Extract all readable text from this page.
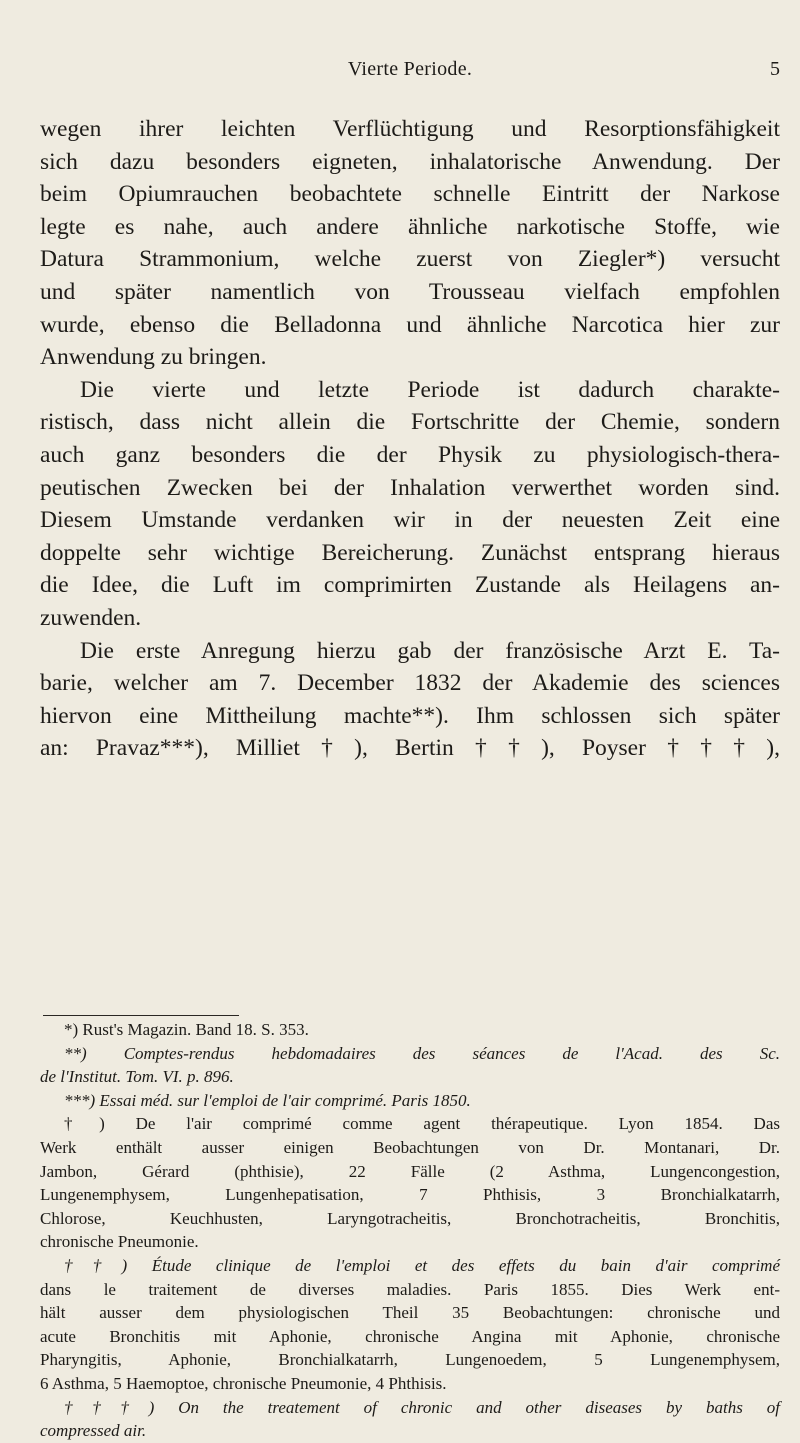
Vierte Periode.	5
wegen ihrer leichten Verflüchtigung und Resorptionsfähigkeit
sich dazu besonders eigneten, inhalatorische Anwendung. Der
beim Opiumrauchen beobachtete schnelle Eintritt der Narkose
legte es nahe, auch andere ähnliche narkotische Stoffe, wie
Datura Strammonium, welche zuerst von Ziegler*) versucht
und später namentlich von Trousseau vielfach empfohlen
wurde, ebenso die Belladonna und ähnliche Narcotica hier zur
Anwendung zu bringen.
Die vierte und letzte Periode ist dadurch charakte-
ristisch, dass nicht allein die Fortschritte der Chemie, sondern
auch ganz besonders die der Physik zu physiologisch-thera-
peutischen Zwecken bei der Inhalation verwerthet worden sind.
Diesem Umstande verdanken wir in der neuesten Zeit eine
doppelte sehr wichtige Bereicherung. Zunächst entsprang hieraus
die Idee, die Luft im comprimirten Zustande als Heilagens an-
zuwenden.
Die erste Anregung hierzu gab der französische Arzt E. Ta-
barie, welcher am 7. December 1832 der Akademie des sciences
hiervon eine Mittheilung machte**). Ihm schlossen sich später
an: Pravaz***), Milliet†), Bertin††), Poyser†††),
*) Rust's Magazin. Band 18. S. 353.
**) Comptes-rendus hebdomadaires des séances de l'Acad. des Sc.
de l'Institut. Tom. VI. p. 896.
***) Essai méd. sur l'emploi de l'air comprimé. Paris 1850.
†) De l'air comprimé comme agent thérapeutique. Lyon 1854. Das
Werk enthält ausser einigen Beobachtungen von Dr. Montanari, Dr.
Jambon, Gérard (phthisie), 22 Fälle (2 Asthma, Lungencongestion,
Lungenemphysem, Lungenhepatisation, 7 Phthisis, 3 Bronchialkatarrh,
Chlorose, Keuchhusten, Laryngotracheitis, Bronchotracheitis, Bronchitis,
chronische Pneumonie.
††) Étude clinique de l'emploi et des effets du bain d'air comprimé
dans le traitement de diverses maladies. Paris 1855. Dies Werk ent-
hält ausser dem physiologischen Theil 35 Beobachtungen: chronische und
acute Bronchitis mit Aphonie, chronische Angina mit Aphonie, chronische
Pharyngitis, Aphonie, Bronchialkatarrh, Lungenoedem, 5 Lungenemphysem,
6 Asthma, 5 Haemoptoe, chronische Pneumonie, 4 Phthisis.
†††) On the treatement of chronic and other diseases by baths of
compressed air.
